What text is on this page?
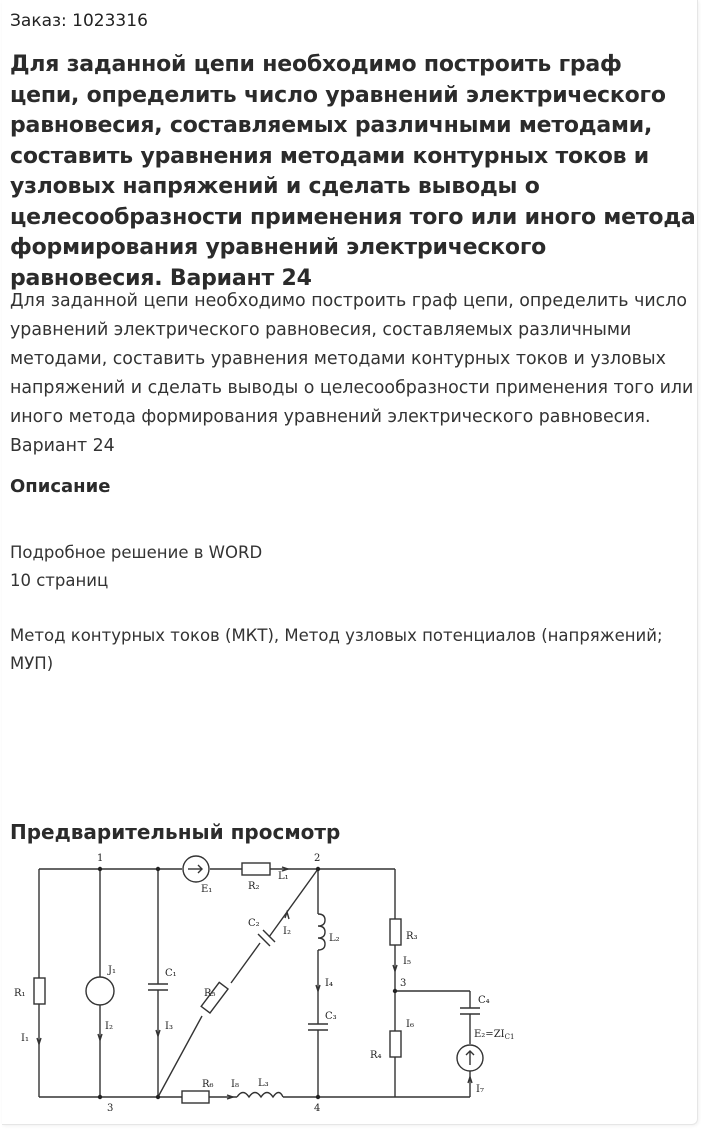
Заказ: 1023316
Для заданной цепи необходимо построить граф цепи, определить число уравнений электрического равновесия, составляемых различными методами, составить уравнения методами контурных токов и узловых напряжений и сделать выводы о целесообразности применения того или иного метода формирования уравнений электрического равновесия. Вариант 24
Для заданной цепи необходимо построить граф цепи, определить число уравнений электрического равновесия, составляемых различными методами, составить уравнения методами контурных токов и узловых напряжений и сделать выводы о целесообразности применения того или иного метода формирования уравнений электрического равновесия. Вариант 24
Описание
Подробное решение в WORD
10 страниц
Метод контурных токов (МКТ), Метод узловых потенциалов (напряжений; МУП)
Предварительный просмотр
1	2
3	4
3
R₁
I₁
J₁
I₂
C₁
I₃
E₁	R₂
L₁
C₂
I₂
R₅
L₂
I₄
C₃
R₃
I₅
R₄
I₆
C₄
$E_2=ZI_{C1}$
I₇
R₆ I₈ L₃
